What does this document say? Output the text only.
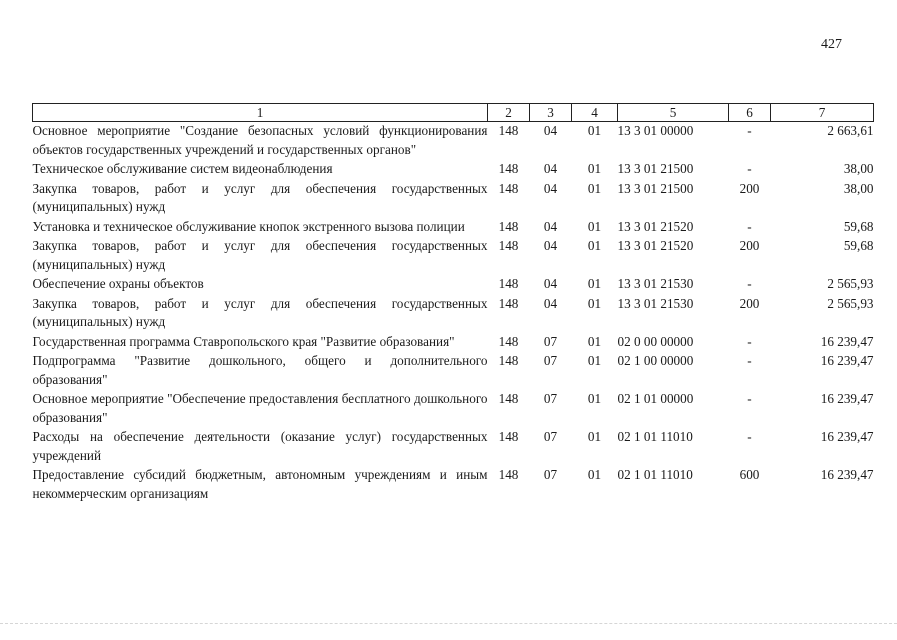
427
1	2	3	4	5	6	7
Основное мероприятие "Создание безопасных условий функционирования объектов государственных учреждений и государственных органов"	148	04	01	13 3 01 00000	-	2 663,61
Техническое обслуживание систем видеонаблюдения	148	04	01	13 3 01 21500	-	38,00
Закупка товаров, работ и услуг для обеспечения государственных (муниципальных) нужд	148	04	01	13 3 01 21500	200	38,00
Установка и техническое обслуживание кнопок экстренного вызова полиции	148	04	01	13 3 01 21520	-	59,68
Закупка товаров, работ и услуг для обеспечения государственных (муниципальных) нужд	148	04	01	13 3 01 21520	200	59,68
Обеспечение охраны объектов	148	04	01	13 3 01 21530	-	2 565,93
Закупка товаров, работ и услуг для обеспечения государственных (муниципальных) нужд	148	04	01	13 3 01 21530	200	2 565,93
Государственная программа Ставропольского края "Развитие образования"	148	07	01	02 0 00 00000	-	16 239,47
Подпрограмма "Развитие дошкольного, общего и дополнительного образования"	148	07	01	02 1 00 00000	-	16 239,47
Основное мероприятие "Обеспечение предоставления бесплатного дошкольного образования"	148	07	01	02 1 01 00000	-	16 239,47
Расходы на обеспечение деятельности (оказание услуг) государственных учреждений	148	07	01	02 1 01 11010	-	16 239,47
Предоставление субсидий бюджетным, автономным учреждениям и иным некоммерческим организациям	148	07	01	02 1 01 11010	600	16 239,47
